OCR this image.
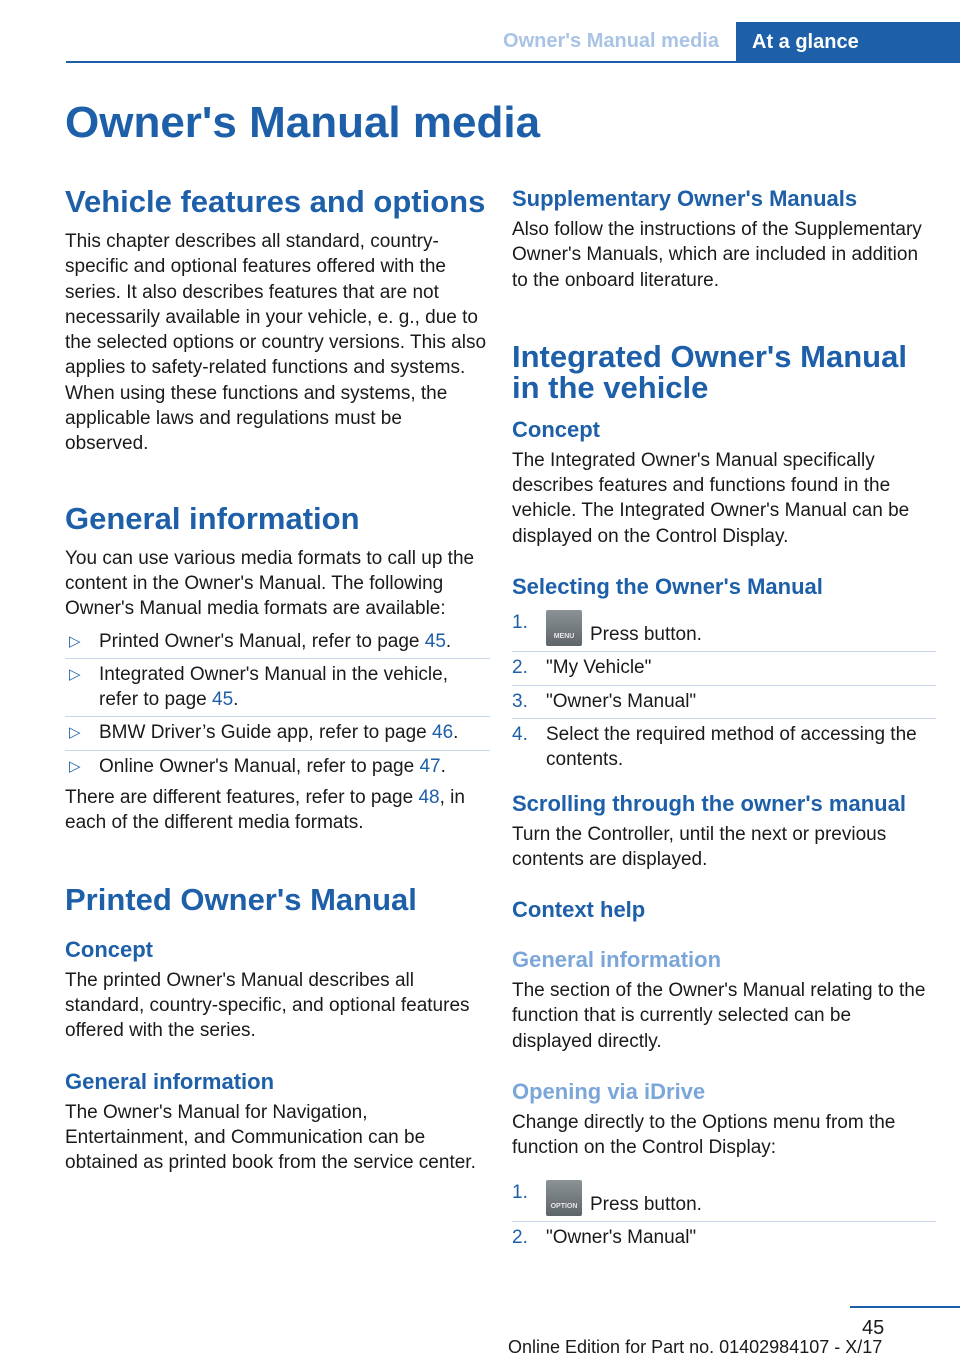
Owner's Manual media	At a glance
Owner's Manual media
Vehicle features and options

This chapter describes all standard, country-specific and optional features offered with the series. It also describes features that are not necessarily available in your vehicle, e. g., due to the selected options or country versions. This also applies to safety-related functions and systems. When using these functions and systems, the applicable laws and regulations must be observed.

General information

You can use various media formats to call up the content in the Owner's Manual. The following Owner's Manual media formats are available:

▷ Printed Owner's Manual, refer to page 45.
▷ Integrated Owner's Manual in the vehicle, refer to page 45.
▷ BMW Driver’s Guide app, refer to page 46.
▷ Online Owner's Manual, refer to page 47.

There are different features, refer to page 48, in each of the different media formats.

Printed Owner's Manual
Concept

The printed Owner's Manual describes all standard, country-specific, and optional features offered with the series.

General information

The Owner's Manual for Navigation, Entertainment, and Communication can be obtained as printed book from the service center.

Supplementary Owner's Manuals

Also follow the instructions of the Supplementary Owner's Manuals, which are included in addition to the onboard literature.

Integrated Owner's Manual in the vehicle
Concept

The Integrated Owner's Manual specifically describes features and functions found in the vehicle. The Integrated Owner's Manual can be displayed on the Control Display.

Selecting the Owner's Manual
1.
MENU Press button.
2. "My Vehicle"
3. "Owner's Manual"
4. Select the required method of accessing the contents.
Scrolling through the owner's manual

Turn the Controller, until the next or previous contents are displayed.

Context help
General information

The section of the Owner's Manual relating to the function that is currently selected can be displayed directly.

Opening via iDrive

Change directly to the Options menu from the function on the Control Display:

1.
OPTION Press button.
2. "Owner's Manual"
45
Online Edition for Part no. 01402984107 - X/17
